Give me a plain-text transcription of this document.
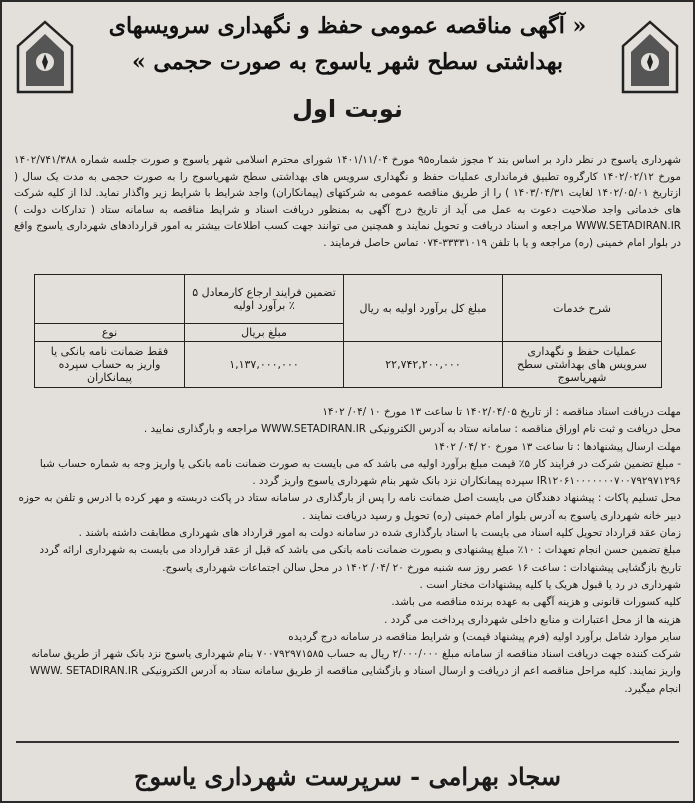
« آگهی مناقصه عمومی حفظ و نگهداری سرویسهای
بهداشتی سطح شهر یاسوج به صورت حجمی »
نوبت اول
شهرداری یاسوج در نظر دارد بر اساس بند ۲ مجوز شماره۹۵ مورخ ۱۴۰۱/۱۱/۰۴ شورای محترم اسلامی شهر یاسوج و صورت جلسه شماره ۱۴۰۲/۷۴۱/۳۸۸ مورخ ۱۴۰۲/۰۲/۱۲ کارگروه تطبیق فرمانداری عملیات حفظ و نگهداری سرویس های بهداشتی سطح شهریاسوج را به صورت حجمی به مدت یک سال ( ازتاریخ ۱۴۰۲/۰۵/۰۱ لغایت ۱۴۰۳/۰۴/۳۱ ) را از طریق مناقصه عمومی به شرکتهای (پیمانکاران) واجد شرایط با شرایط زیر واگذار نماید. لذا از کلیه شرکت های خدماتی واجد صلاحیت دعوت به عمل می آید از تاریخ درج آگهی به بمنظور دریافت اسناد و شرایط مناقصه به سامانه ستاد ( تدارکات دولت ) WWW.SETADIRAN.IR مراجعه و اسناد دریافت و تحویل نمایند و همچنین می توانند جهت کسب اطلاعات بیشتر به امور قراردادهای شهرداری یاسوج واقع در بلوار امام خمینی (ره) مراجعه و یا با تلفن ۳۳۳۳۱۰۱۹-۰۷۴ تماس حاصل فرمایند .
شرح خدمات	مبلغ کل برآورد اولیه به ریال	تضمین فرایند ارجاع کارمعادل ۵ ٪ برآورد اولیه	
		مبلغ بریال	نوع
عملیات حفظ و نگهداری سرویس های بهداشتی سطح شهریاسوج	۲۲,۷۴۲,۲۰۰,۰۰۰	۱,۱۳۷,۰۰۰,۰۰۰	فقط ضمانت نامه بانکی یا واریز به حساب سپرده پیمانکاران

مهلت دریافت اسناد مناقصه : از تاریخ ۱۴۰۲/۰۴/۰۵ تا ساعت ۱۳ مورخ ۱۰ /۰۴/ ۱۴۰۲

محل دریافت و ثبت نام اوراق مناقصه : سامانه ستاد به آدرس الکترونیکی WWW.SETADIRAN.IR مراجعه و بارگذاری نمایید .

مهلت ارسال پیشنهادها : تا ساعت ۱۳ مورخ ۲۰ /۰۴/ ۱۴۰۲

- مبلغ تضمین شرکت در فرایند کار ۵٪ قیمت مبلغ برآورد اولیه می باشد که می بایست به صورت ضمانت نامه بانکی یا واریز وجه به شماره حساب شبا IR۱۲۰۶۱۰۰۰۰۰۰۰۷۰۰۷۹۲۹۷۱۲۹۶ سپرده پیمانکاران نزد بانک شهر بنام شهرداری یاسوج واریز گردد .

محل تسلیم پاکات : پیشنهاد دهندگان می بایست اصل ضمانت نامه را پس از بارگذاری در سامانه ستاد در پاکت دربسته و مهر کرده با ادرس و تلفن به حوزه دبیر خانه شهرداری یاسوج به آدرس بلوار امام خمینی (ره) تحویل و رسید دریافت نمایند .

زمان عقد قرارداد تحویل کلیه اسناد می بایست با اسناد بارگذاری شده در سامانه دولت به امور قرارداد های شهرداری مطابقت داشته باشند .

مبلغ تضمین حسن انجام تعهدات : ۱۰٪ مبلغ پیشنهادی و بصورت ضمانت نامه بانکی می باشد که قبل از عقد قرارداد می بایست به شهرداری ارائه گردد

تاریخ بازگشایی پیشنهادات : ساعت ۱۶ عصر روز سه شنبه مورخ ۲۰ /۰۴/ ۱۴۰۲ در محل سالن اجتماعات شهرداری یاسوج.

شهرداری در رد یا قبول هریک یا کلیه پیشنهادات مختار است .

کلیه کسورات قانونی و هزینه آگهی به عهده برنده مناقصه می باشد.

هزینه ها از محل اعتبارات و منابع داخلی شهرداری پرداخت می گردد .

سایر موارد شامل برآورد اولیه (فرم پیشنهاد قیمت) و شرایط مناقصه در سامانه درج گردیده

شرکت کننده جهت دریافت اسناد مناقصه از سامانه مبلغ ۲/۰۰۰/۰۰۰ ریال به حساب ۷۰۰۷۹۲۹۷۱۵۸۵ بنام شهرداری یاسوج نزد بانک شهر از طریق سامانه واریز نمایند. کلیه مراحل مناقصه اعم از دریافت و ارسال اسناد و بازگشایی مناقصه از طریق سامانه ستاد به آدرس الکترونیکی WWW. SETADIRAN.IR انجام میگیرد.

سجاد بهرامی - سرپرست شهرداری یاسوج
